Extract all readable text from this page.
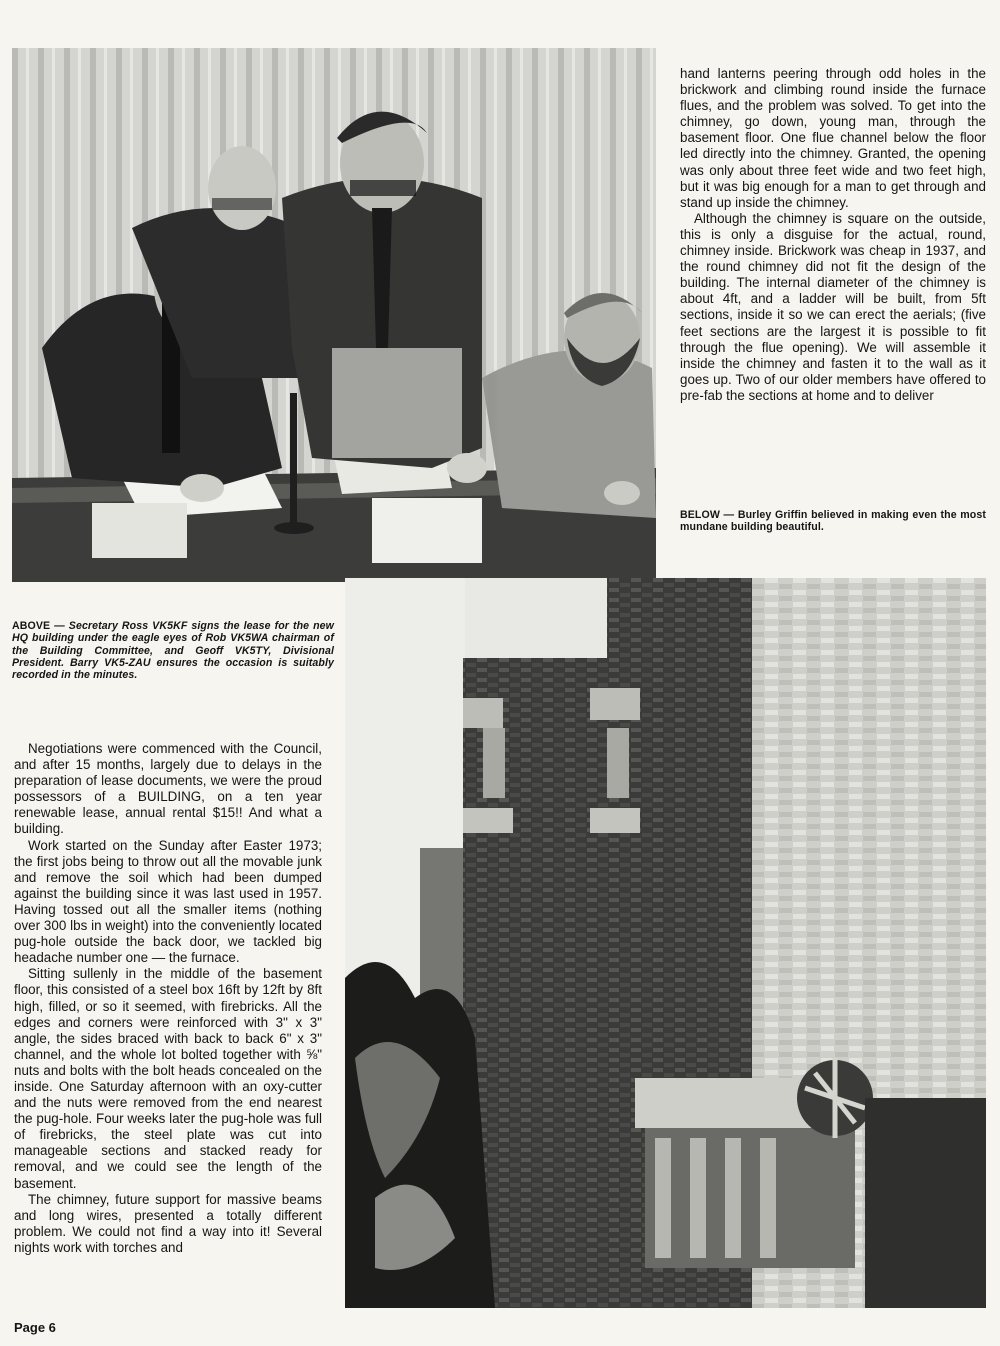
hand lanterns peering through odd holes in the brickwork and climbing round inside the furnace flues, and the problem was solved. To get into the chimney, go down, young man, through the basement floor. One flue channel below the floor led directly into the chimney. Granted, the opening was only about three feet wide and two feet high, but it was big enough for a man to get through and stand up inside the chimney.

Although the chimney is square on the outside, this is only a disguise for the actual, round, chimney inside. Brickwork was cheap in 1937, and the round chimney did not fit the design of the building. The internal diameter of the chimney is about 4ft, and a ladder will be built, from 5ft sections, inside it so we can erect the aerials; (five feet sections are the largest it is possible to fit through the flue opening). We will assemble it inside the chimney and fasten it to the wall as it goes up. Two of our older members have offered to pre-fab the sections at home and to deliver

BELOW — Burley Griffin believed in making even the most mundane building beautiful.
ABOVE — Secretary Ross VK5KF signs the lease for the new HQ building under the eagle eyes of Rob VK5WA chairman of the Building Committee, and Geoff VK5TY, Divisional President. Barry VK5-ZAU ensures the occasion is suitably recorded in the minutes.

Negotiations were commenced with the Council, and after 15 months, largely due to delays in the preparation of lease documents, we were the proud possessors of a BUILDING, on a ten year renewable lease, annual rental $15!! And what a building.

Work started on the Sunday after Easter 1973; the first jobs being to throw out all the movable junk and remove the soil which had been dumped against the building since it was last used in 1957. Having tossed out all the smaller items (nothing over 300 lbs in weight) into the conveniently located pug-hole outside the back door, we tackled big headache number one — the furnace.

Sitting sullenly in the middle of the basement floor, this consisted of a steel box 16ft by 12ft by 8ft high, filled, or so it seemed, with firebricks. All the edges and corners were reinforced with 3" x 3" angle, the sides braced with back to back 6" x 3" channel, and the whole lot bolted together with ⅝" nuts and bolts with the bolt heads concealed on the inside. One Saturday afternoon with an oxy-cutter and the nuts were removed from the end nearest the pug-hole. Four weeks later the pug-hole was full of firebricks, the steel plate was cut into manageable sections and stacked ready for removal, and we could see the length of the basement.

The chimney, future support for massive beams and long wires, presented a totally different problem. We could not find a way into it! Several nights work with torches and

Page 6
